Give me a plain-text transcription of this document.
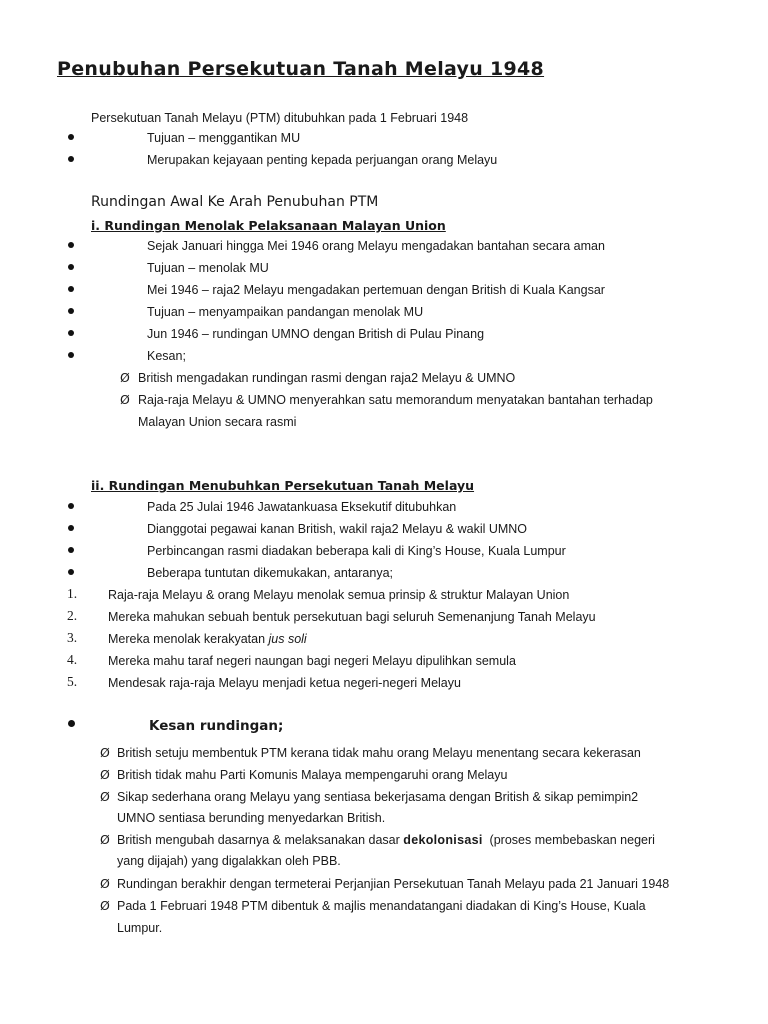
Penubuhan Persekutuan Tanah Melayu 1948
Persekutuan Tanah Melayu (PTM) ditubuhkan pada 1 Februari 1948
Tujuan – menggantikan MU
Merupakan kejayaan penting kepada perjuangan orang Melayu
Rundingan Awal Ke Arah Penubuhan PTM
i. Rundingan Menolak Pelaksanaan Malayan Union
Sejak Januari hingga Mei 1946 orang Melayu mengadakan bantahan secara aman
Tujuan – menolak MU
Mei 1946 – raja2 Melayu mengadakan pertemuan dengan British di Kuala Kangsar
Tujuan – menyampaikan pandangan menolak MU
Jun 1946 – rundingan UMNO dengan British di Pulau Pinang
Kesan;
Ø British mengadakan rundingan rasmi dengan raja2 Melayu & UMNO
Ø Raja-raja Melayu & UMNO menyerahkan satu memorandum menyatakan bantahan terhadap
Malayan Union secara rasmi
ii. Rundingan Menubuhkan Persekutuan Tanah Melayu
Pada 25 Julai 1946 Jawatankuasa Eksekutif ditubuhkan
Dianggotai pegawai kanan British, wakil raja2 Melayu & wakil UMNO
Perbincangan rasmi diadakan beberapa kali di King’s House, Kuala Lumpur
Beberapa tuntutan dikemukakan, antaranya;
1. Raja-raja Melayu & orang Melayu menolak semua prinsip & struktur Malayan Union
2. Mereka mahukan sebuah bentuk persekutuan bagi seluruh Semenanjung Tanah Melayu
3. Mereka menolak kerakyatan jus soli
4. Mereka mahu taraf negeri naungan bagi negeri Melayu dipulihkan semula
5. Mendesak raja-raja Melayu menjadi ketua negeri-negeri Melayu
Kesan rundingan;
Ø British setuju membentuk PTM kerana tidak mahu orang Melayu menentang secara kekerasan
Ø British tidak mahu Parti Komunis Malaya mempengaruhi orang Melayu
Ø Sikap sederhana orang Melayu yang sentiasa bekerjasama dengan British & sikap pemimpin2
UMNO sentiasa berunding menyedarkan British.
Ø British mengubah dasarnya & melaksanakan dasar dekolonisasi  (proses membebaskan negeri
yang dijajah) yang digalakkan oleh PBB.
Ø Rundingan berakhir dengan termeterai Perjanjian Persekutuan Tanah Melayu pada 21 Januari 1948
Ø Pada 1 Februari 1948 PTM dibentuk & majlis menandatangani diadakan di King’s House, Kuala
Lumpur.
